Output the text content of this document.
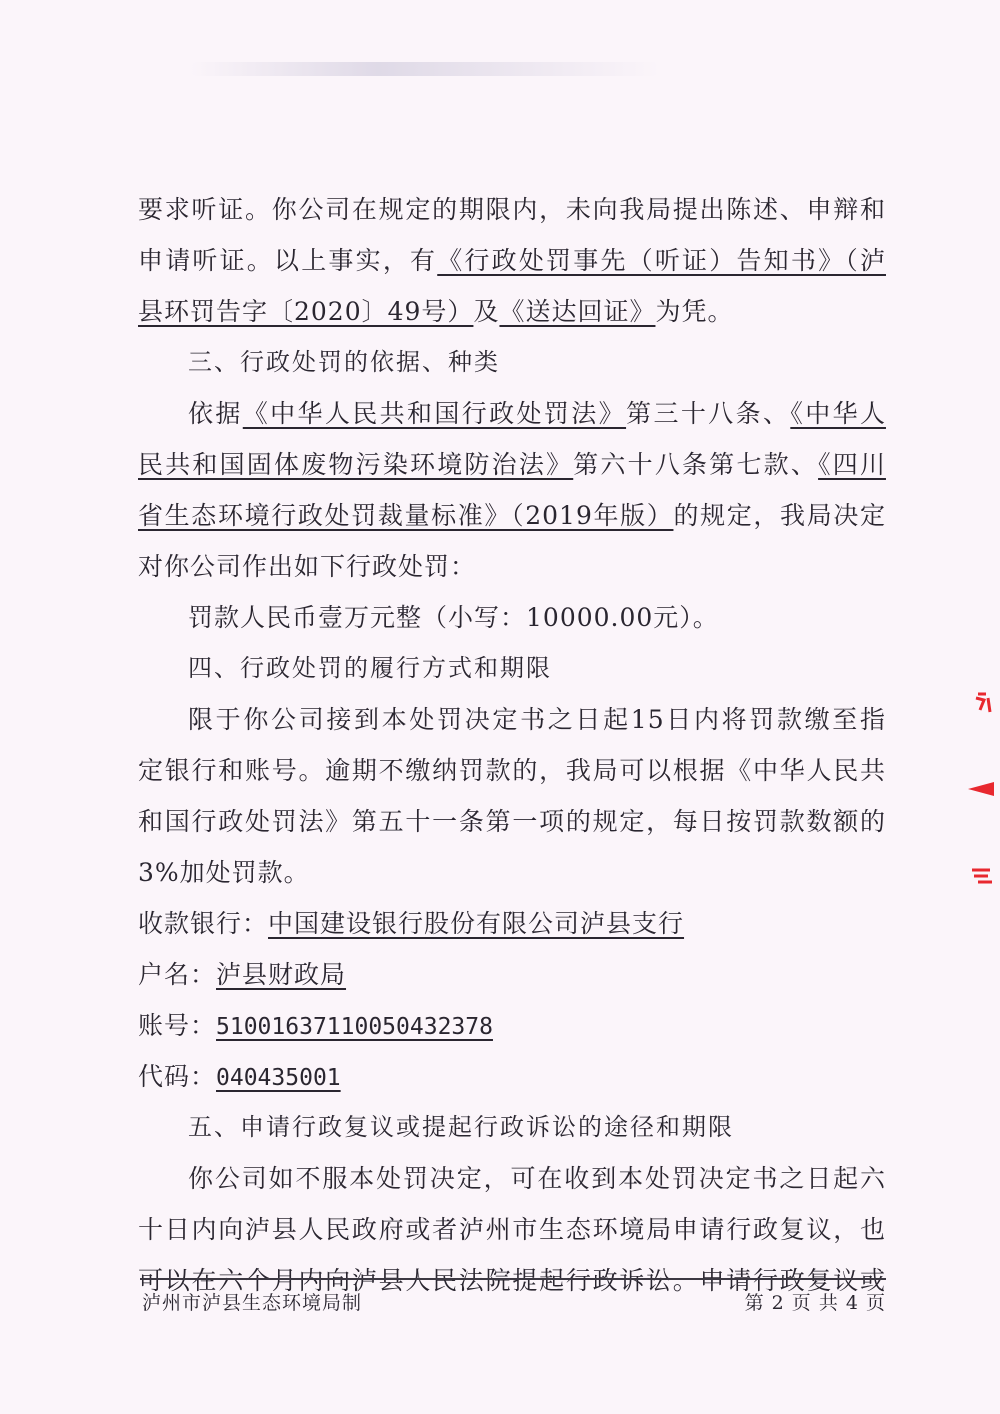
要求听证。你公司在规定的期限内，未向我局提出陈述、申辩和
申请听证。以上事实，有《行政处罚事先（听证）告知书》（泸
县环罚告字〔2020〕49号）及《送达回证》为凭。
三、行政处罚的依据、种类
依据《中华人民共和国行政处罚法》第三十八条、《中华人
民共和国固体废物污染环境防治法》第六十八条第七款、《四川
省生态环境行政处罚裁量标准》（2019年版）的规定，我局决定
对你公司作出如下行政处罚：
罚款人民币壹万元整（小写：10000.00元）。
四、行政处罚的履行方式和期限
限于你公司接到本处罚决定书之日起15日内将罚款缴至指
定银行和账号。逾期不缴纳罚款的，我局可以根据《中华人民共
和国行政处罚法》第五十一条第一项的规定，每日按罚款数额的
3%加处罚款。
收款银行：中国建设银行股份有限公司泸县支行
户名：泸县财政局
账号：51001637110050432378
代码：040435001
五、申请行政复议或提起行政诉讼的途径和期限
你公司如不服本处罚决定，可在收到本处罚决定书之日起六
十日内向泸县人民政府或者泸州市生态环境局申请行政复议，也
可以在六个月内向泸县人民法院提起行政诉讼。申请行政复议或
泸州市泸县生态环境局制	第 2 页 共 4 页
